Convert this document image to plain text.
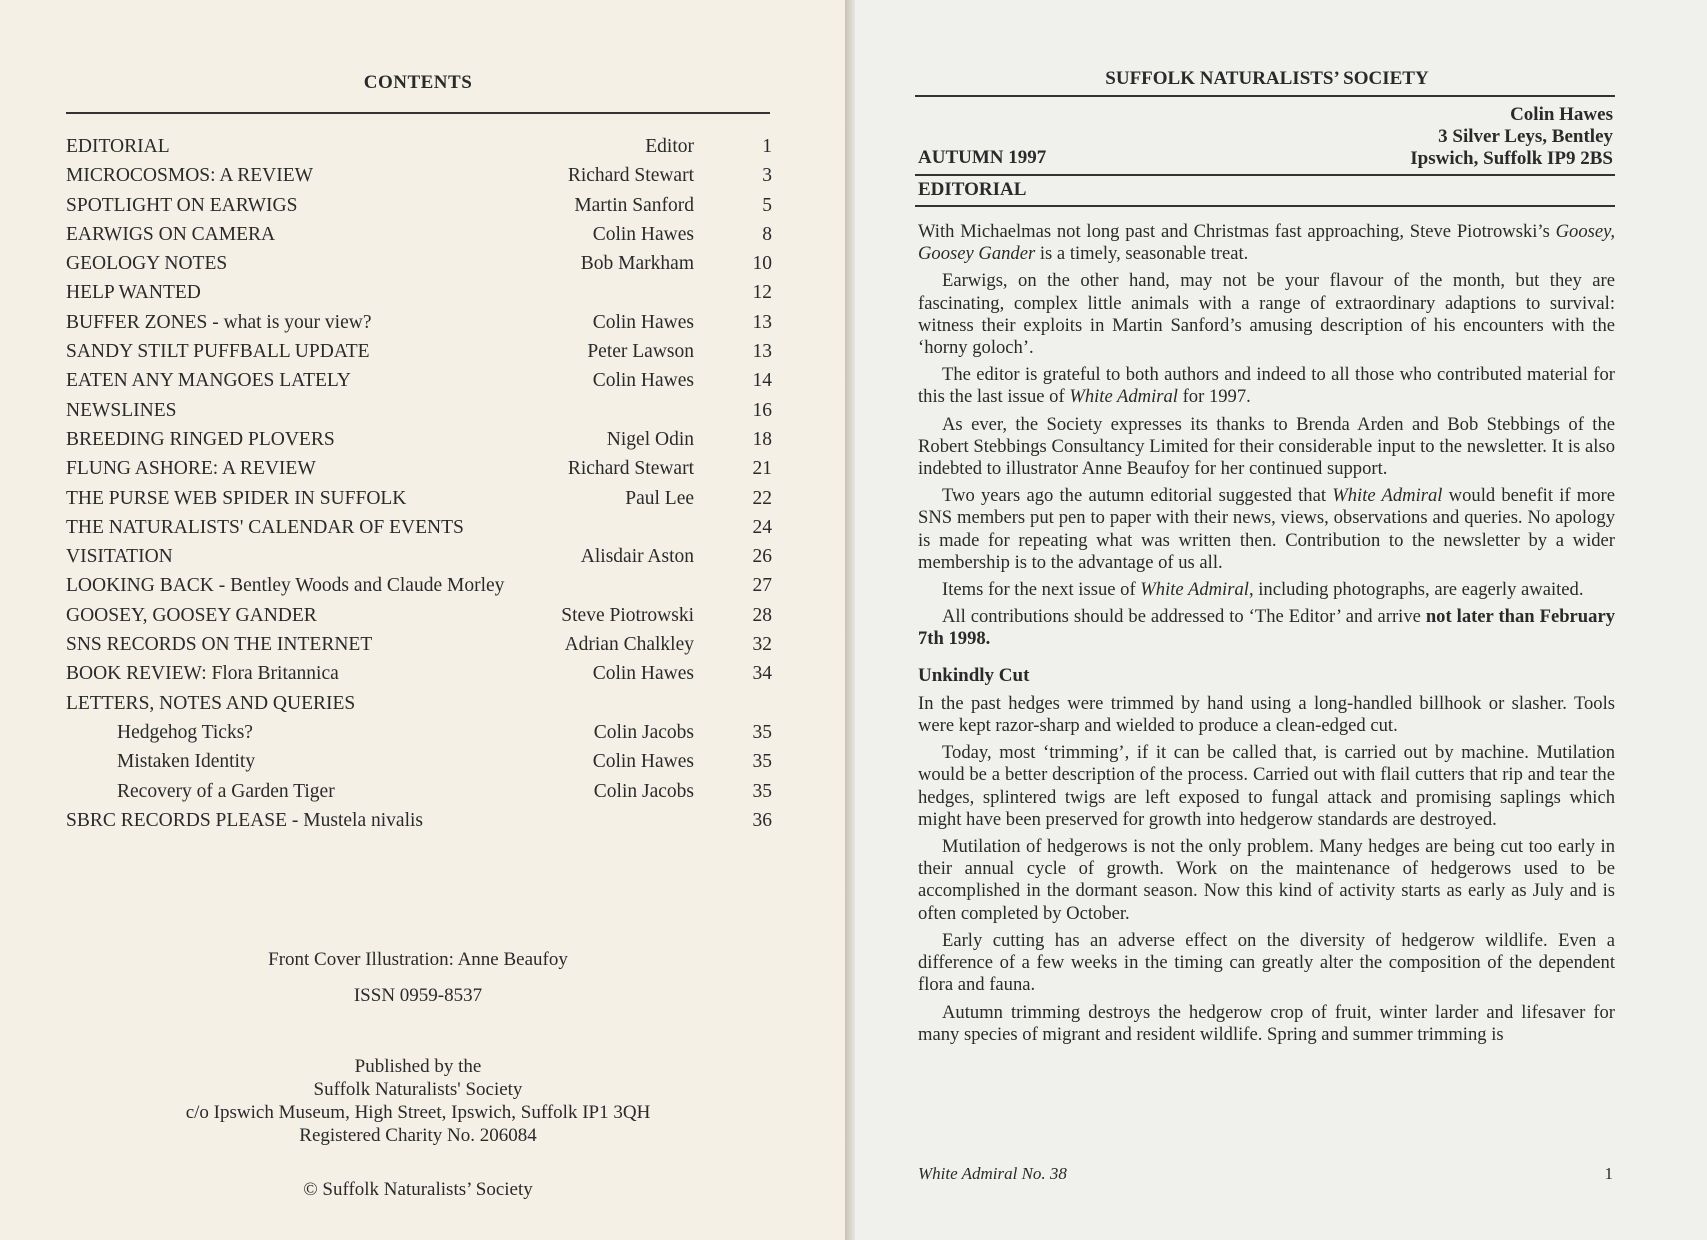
CONTENTS
EDITORIAL	Editor	1
MICROCOSMOS: A REVIEW	Richard Stewart	3
SPOTLIGHT ON EARWIGS	Martin Sanford	5
EARWIGS ON CAMERA	Colin Hawes	8
GEOLOGY NOTES	Bob Markham	10
HELP WANTED	12
BUFFER ZONES - what is your view?	Colin Hawes	13
SANDY STILT PUFFBALL UPDATE	Peter Lawson	13
EATEN ANY MANGOES LATELY	Colin Hawes	14
NEWSLINES	16
BREEDING RINGED PLOVERS	Nigel Odin	18
FLUNG ASHORE: A REVIEW	Richard Stewart	21
THE PURSE WEB SPIDER IN SUFFOLK	Paul Lee	22
THE NATURALISTS' CALENDAR OF EVENTS	24
VISITATION	Alisdair Aston	26
LOOKING BACK - Bentley Woods and Claude Morley	27
GOOSEY, GOOSEY GANDER	Steve Piotrowski	28
SNS RECORDS ON THE INTERNET	Adrian Chalkley	32
BOOK REVIEW: Flora Britannica	Colin Hawes	34
LETTERS, NOTES AND QUERIES
Hedgehog Ticks?	Colin Jacobs	35
Mistaken Identity	Colin Hawes	35
Recovery of a Garden Tiger	Colin Jacobs	35
SBRC RECORDS PLEASE - Mustela nivalis	36

Front Cover Illustration: Anne Beaufoy

ISSN 0959-8537

Published by the

Suffolk Naturalists' Society

c/o Ipswich Museum, High Street, Ipswich, Suffolk IP1 3QH

Registered Charity No. 206084

© Suffolk Naturalists’ Society

SUFFOLK NATURALISTS’ SOCIETY
Colin Hawes
3 Silver Leys, Bentley
Ipswich, Suffolk IP9 2BS
AUTUMN 1997
EDITORIAL

With Michaelmas not long past and Christmas fast approaching, Steve Piotrowski’s Goosey, Goosey Gander is a timely, seasonable treat.

Earwigs, on the other hand, may not be your flavour of the month, but they are fascinating, complex little animals with a range of extraordinary adaptions to survival: witness their exploits in Martin Sanford’s amusing description of his encounters with the ‘horny goloch’.

The editor is grateful to both authors and indeed to all those who contributed material for this the last issue of White Admiral for 1997.

As ever, the Society expresses its thanks to Brenda Arden and Bob Stebbings of the Robert Stebbings Consultancy Limited for their considerable input to the newsletter. It is also indebted to illustrator Anne Beaufoy for her continued support.

Two years ago the autumn editorial suggested that White Admiral would benefit if more SNS members put pen to paper with their news, views, observations and queries. No apology is made for repeating what was written then. Contribution to the newsletter by a wider membership is to the advantage of us all.

Items for the next issue of White Admiral, including photographs, are eagerly awaited.

All contributions should be addressed to ‘The Editor’ and arrive not later than February 7th 1998.

Unkindly Cut

In the past hedges were trimmed by hand using a long-handled billhook or slasher. Tools were kept razor-sharp and wielded to produce a clean-edged cut.

Today, most ‘trimming’, if it can be called that, is carried out by machine. Mutilation would be a better description of the process. Carried out with flail cutters that rip and tear the hedges, splintered twigs are left exposed to fungal attack and promising saplings which might have been preserved for growth into hedgerow standards are destroyed.

Mutilation of hedgerows is not the only problem. Many hedges are being cut too early in their annual cycle of growth. Work on the maintenance of hedgerows used to be accomplished in the dormant season. Now this kind of activity starts as early as July and is often completed by October.

Early cutting has an adverse effect on the diversity of hedgerow wildlife. Even a difference of a few weeks in the timing can greatly alter the composition of the dependent flora and fauna.

Autumn trimming destroys the hedgerow crop of fruit, winter larder and lifesaver for many species of migrant and resident wildlife. Spring and summer trimming is

White Admiral No. 38	1
